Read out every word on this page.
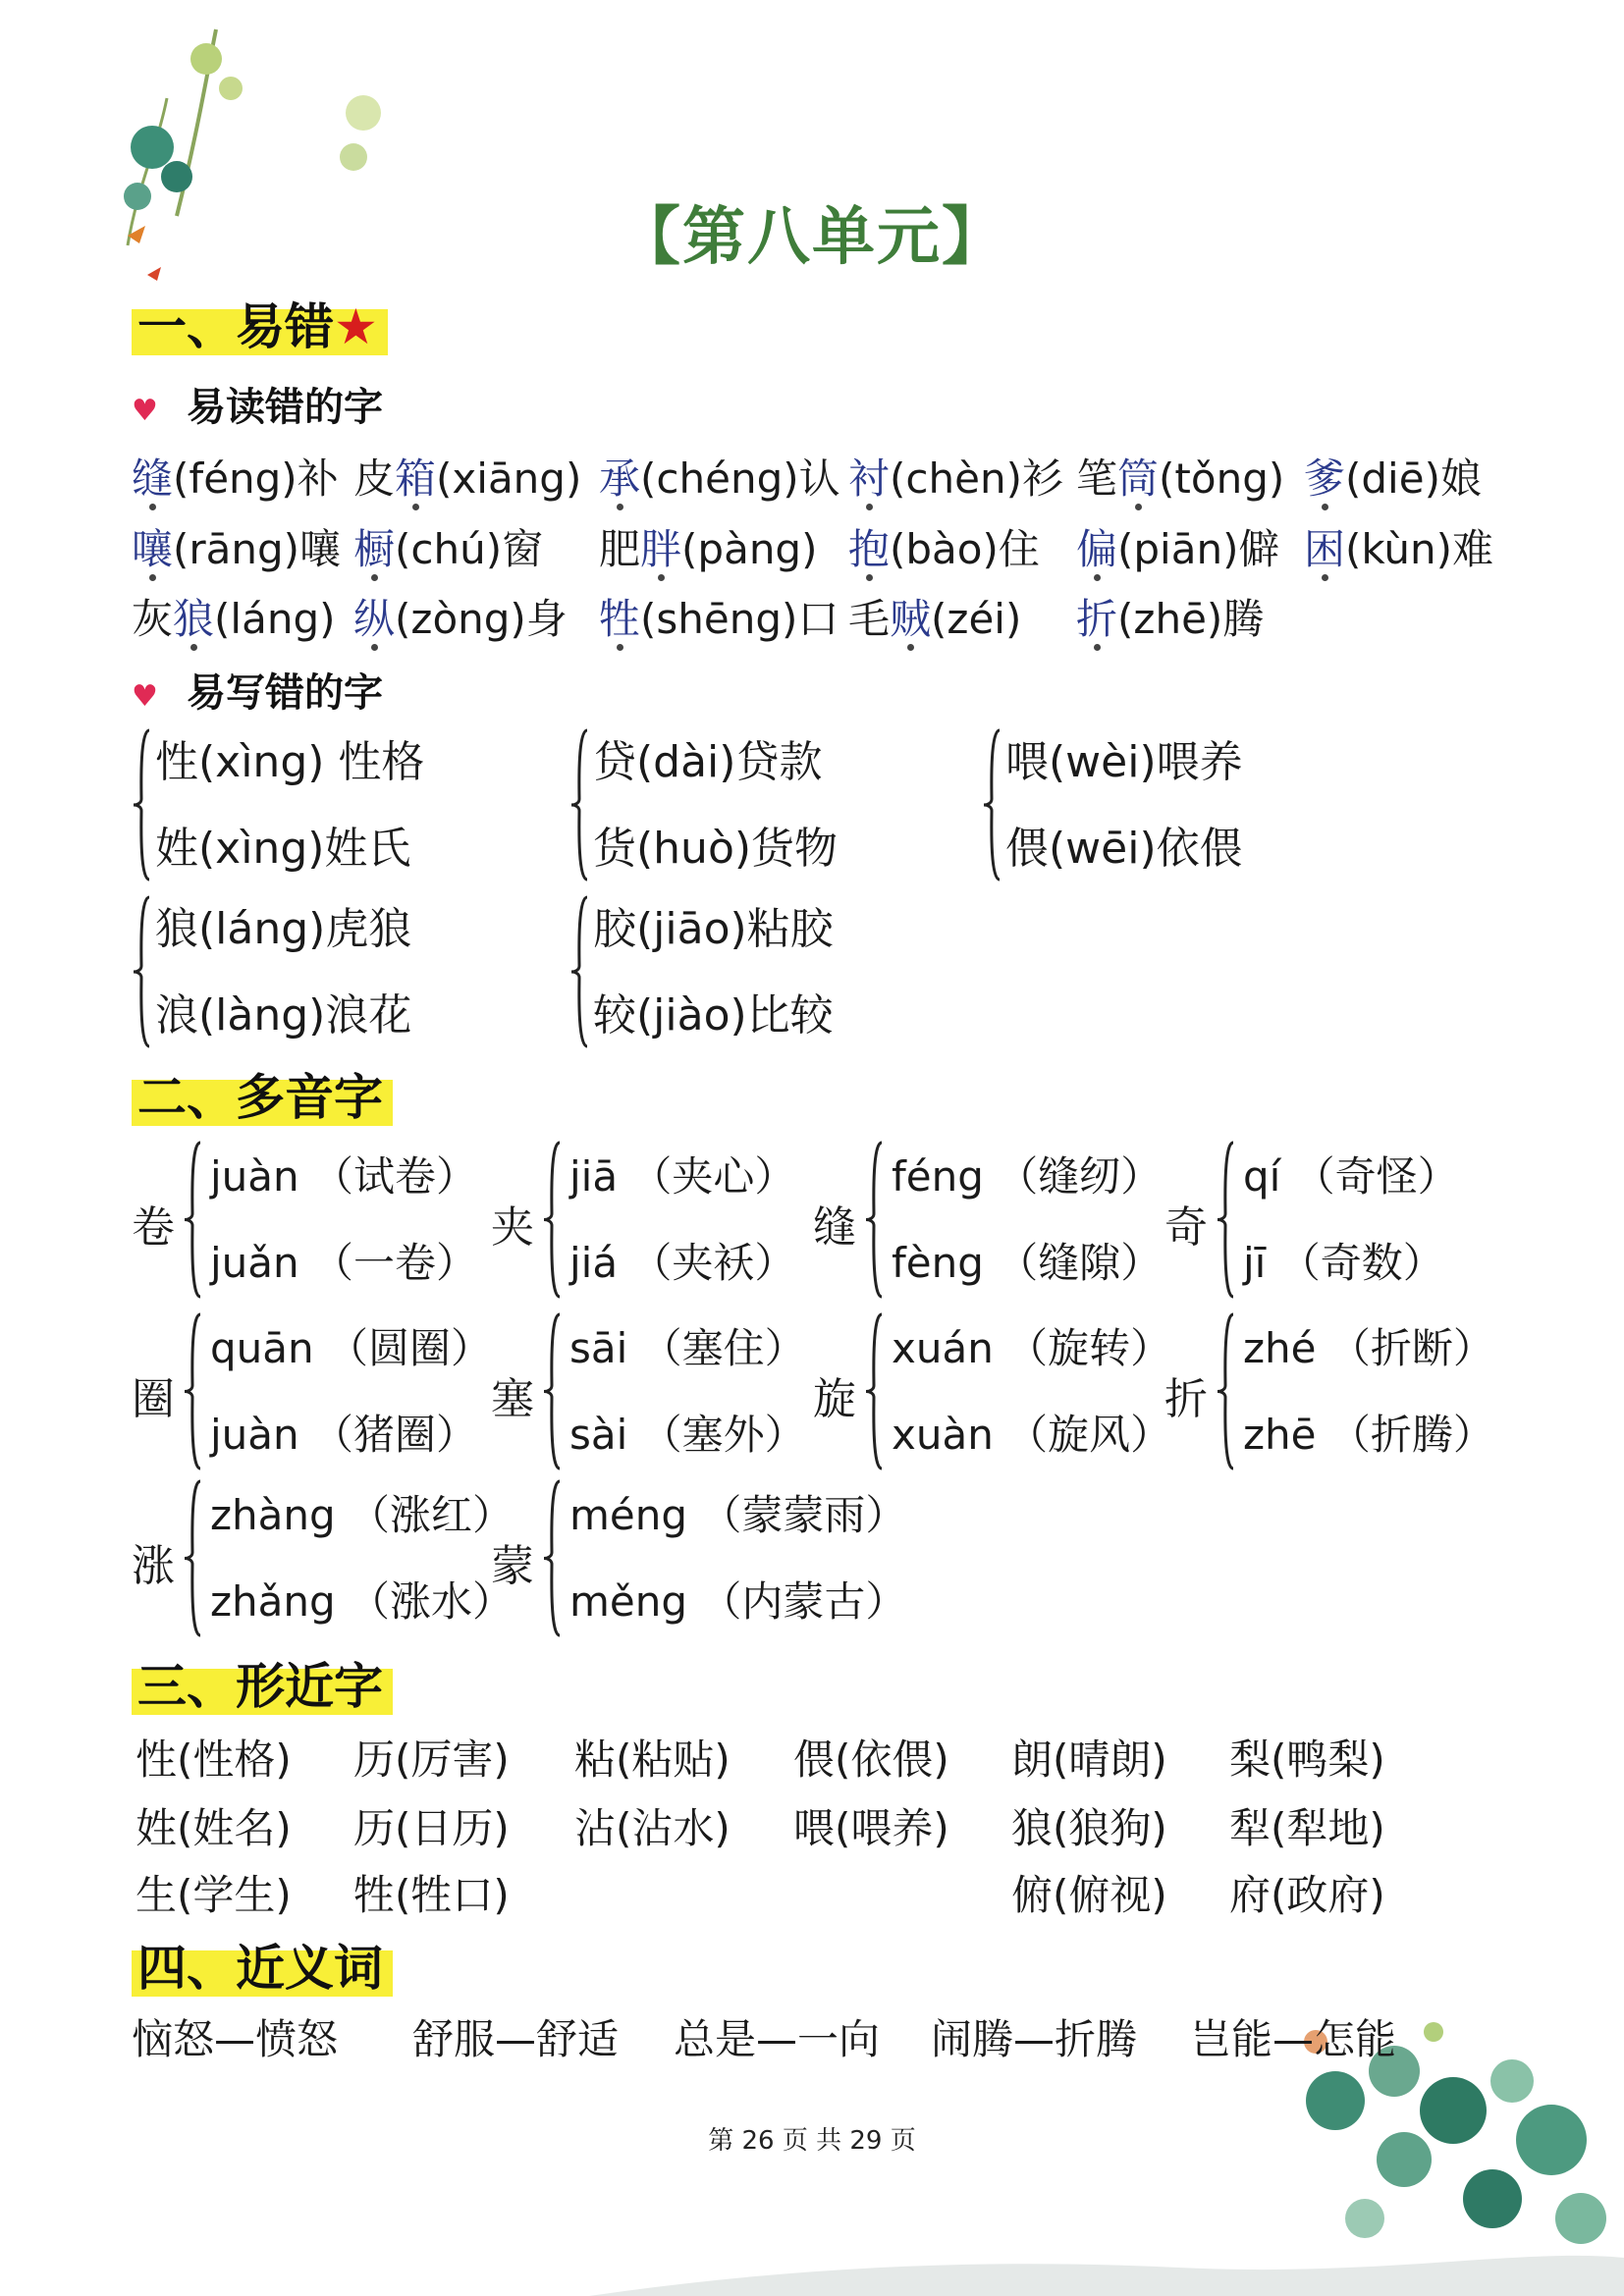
【第八单元】
一、易错★
♥ 易读错的字
缝(féng)补 皮箱(xiāng) 承(chéng)认 衬(chèn)衫 笔筒(tǒng) 爹(diē)娘
嚷(rāng)嚷 橱(chú)窗 肥胖(pàng) 抱(bào)住 偏(piān)僻 困(kùn)难
灰狼(láng) 纵(zòng)身 牲(shēng)口 毛贼(zéi) 折(zhē)腾
♥ 易写错的字
性(xìng) 性格
姓(xìng)姓氏
贷(dài)贷款
货(huò)货物
喂(wèi)喂养
偎(wēi)依偎
狼(láng)虎狼
浪(làng)浪花
胶(jiāo)粘胶
较(jiào)比较
二、多音字
卷
juàn （试卷）
juǎn （一卷）
夹
jiā （夹心）
jiá （夹袄）
缝
féng （缝纫）
fèng （缝隙）
奇
qí （奇怪）
jī （奇数）
圈
quān （圆圈）
juàn （猪圈）
塞
sāi （塞住）
sài （塞外）
旋
xuán （旋转）
xuàn （旋风）
折
zhé （折断）
zhē （折腾）
涨
zhàng （涨红）
zhǎng （涨水）
蒙
méng （蒙蒙雨）
měng （内蒙古）
三、形近字
性(性格) 历(厉害) 粘(粘贴) 偎(依偎) 朗(晴朗) 梨(鸭梨)
姓(姓名) 历(日历) 沾(沾水) 喂(喂养) 狼(狼狗) 犁(犁地)
生(学生) 牲(牲口)	俯(俯视) 府(政府)
四、近义词
恼怒—愤怒 舒服—舒适 总是—一向 闹腾—折腾 岂能—怎能
第 26 页 共 29 页
